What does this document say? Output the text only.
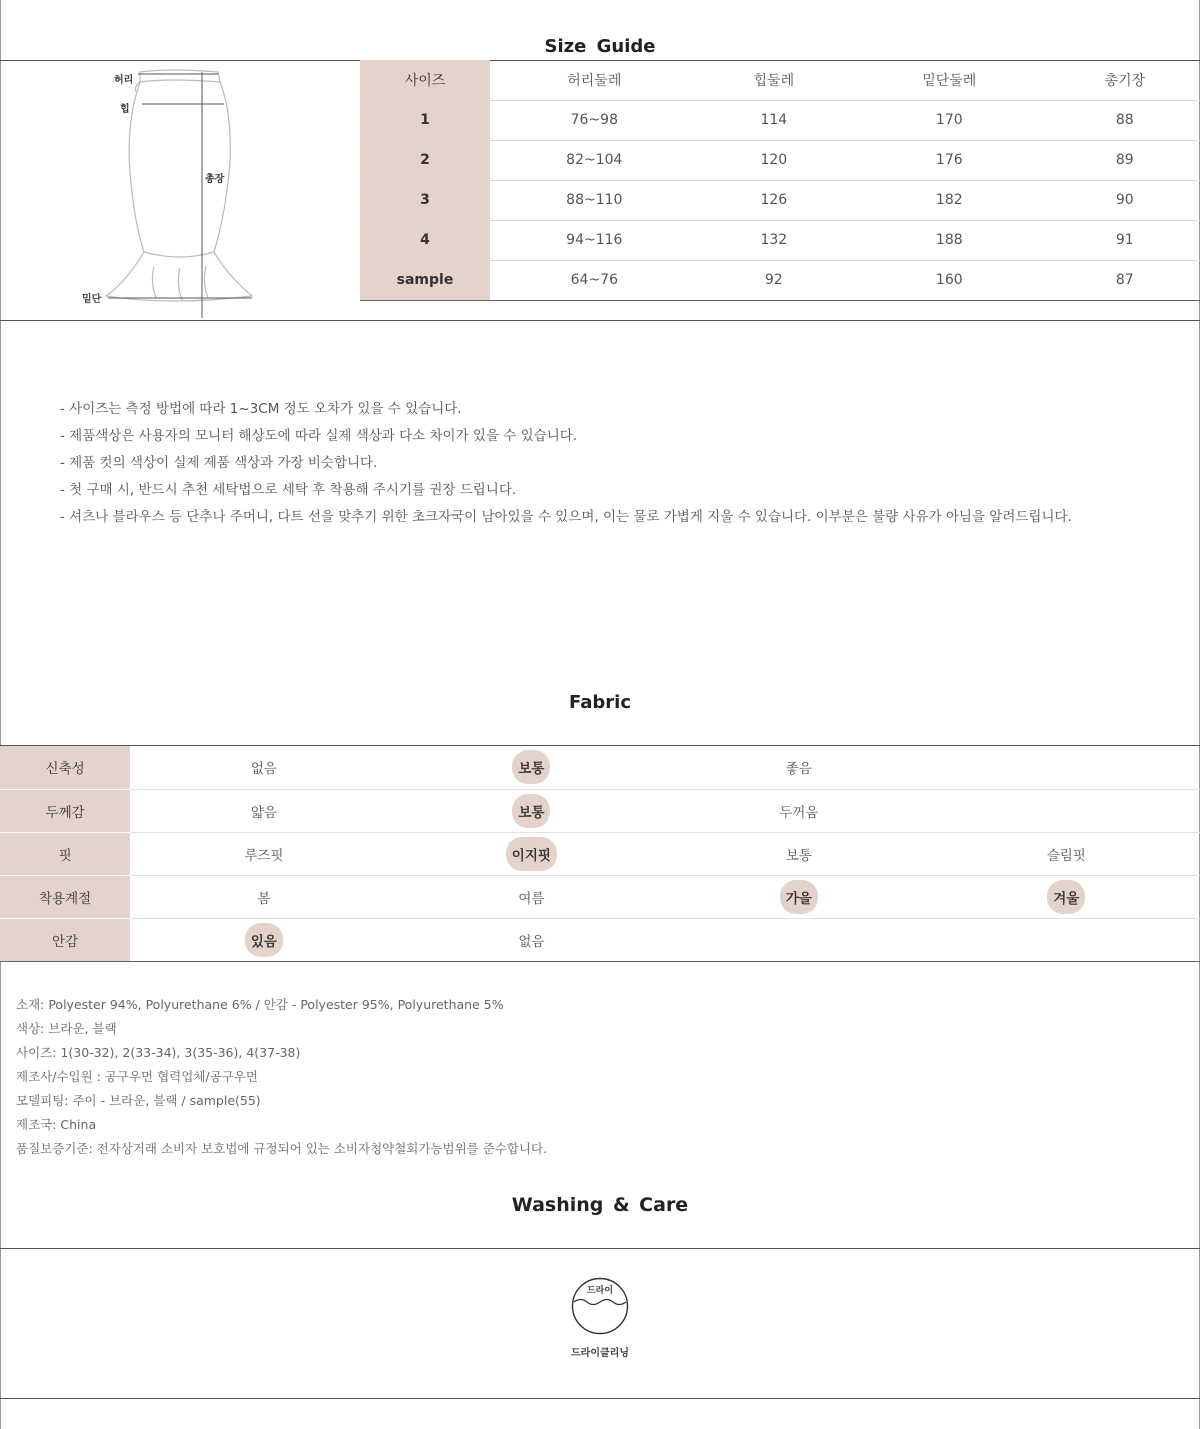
Size Guide
허리
힙
총장
밑단
사이즈	허리둘레	힙둘레	밑단둘레	총기장
1	76~98	114	170	88
2	82~104	120	176	89
3	88~110	126	182	90
4	94~116	132	188	91
sample	64~76	92	160	87
- 사이즈는 측정 방법에 따라 1~3CM 정도 오차가 있을 수 있습니다.
- 제품색상은 사용자의 모니터 해상도에 따라 실제 색상과 다소 차이가 있을 수 있습니다.
- 제품 컷의 색상이 실제 제품 색상과 가장 비슷합니다.
- 첫 구매 시, 반드시 추천 세탁법으로 세탁 후 착용해 주시기를 권장 드립니다.
- 셔츠나 블라우스 등 단추나 주머니, 다트 선을 맞추기 위한 초크자국이 남아있을 수 있으며, 이는 물로 가볍게 지울 수 있습니다. 이부분은 불량 사유가 아님을 알려드립니다.
Fabric
신축성	없음	보통	좋음	
두께감	얇음	보통	두꺼움	
핏	루즈핏	이지핏	보통	슬림핏
착용계절	봄	여름	가을	겨울
안감	있음	없음		
소재: Polyester 94%, Polyurethane 6% / 안감 - Polyester 95%, Polyurethane 5%
색상: 브라운, 블랙
사이즈: 1(30-32), 2(33-34), 3(35-36), 4(37-38)
제조사/수입원 : 공구우먼 협력업체/공구우먼
모델피팅: 주이 - 브라운, 블랙 / sample(55)
제조국: China
품질보증기준: 전자상거래 소비자 보호법에 규정되어 있는 소비자청약철회가능범위를 준수합니다.
Washing & Care
드라이
드라이클리닝
